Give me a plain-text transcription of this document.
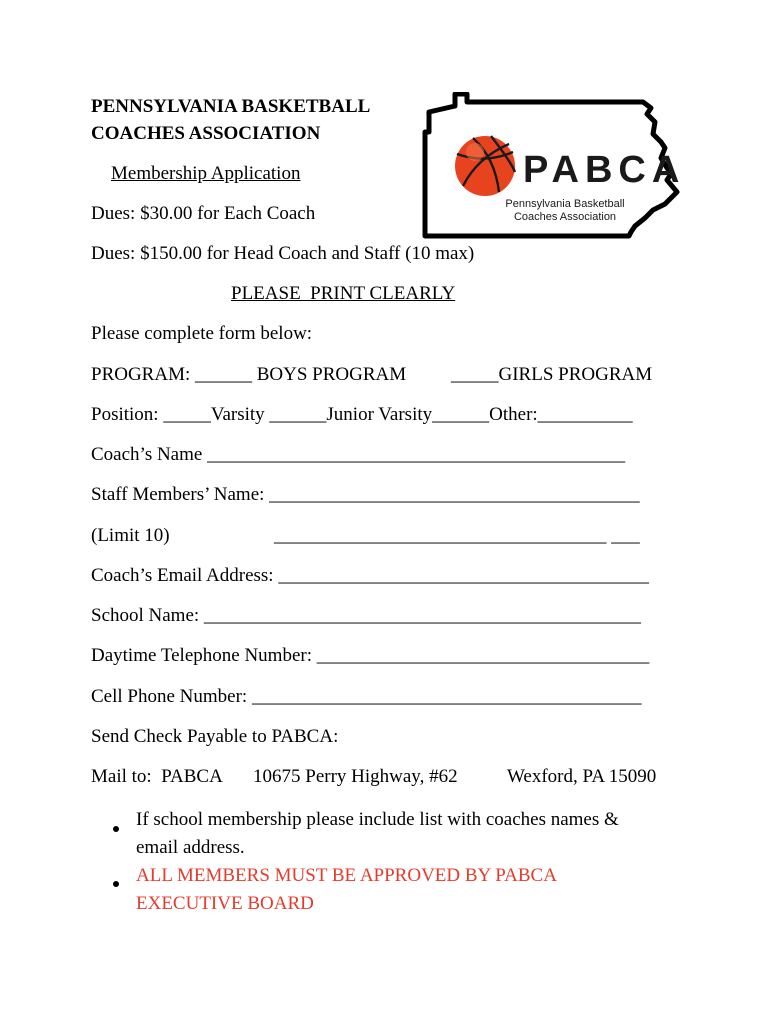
PENNSYLVANIA BASKETBALL
COACHES ASSOCIATION
Membership Application	PABCA
Pennsylvania Basketball
Coaches Association
Dues: $30.00 for Each Coach
Dues: $150.00 for Head Coach and Staff (10 max)
PLEASE  PRINT CLEARLY
Please complete form below:
PROGRAM: ______ BOYS PROGRAM _____GIRLS PROGRAM
Position: _____Varsity ______Junior Varsity______Other:__________
Coach’s Name ____________________________________________
Staff Members’ Name: _______________________________________
(Limit 10)	___________________________________ ___
Coach’s Email Address: _______________________________________
School Name: ______________________________________________
Daytime Telephone Number: ___________________________________
Cell Phone Number: _________________________________________
Send Check Payable to PABCA:
Mail to:  PABCA 10675 Perry Highway, #62	Wexford, PA 15090
If school membership please include list with coaches names &
email address.
ALL MEMBERS MUST BE APPROVED BY PABCA
EXECUTIVE BOARD
